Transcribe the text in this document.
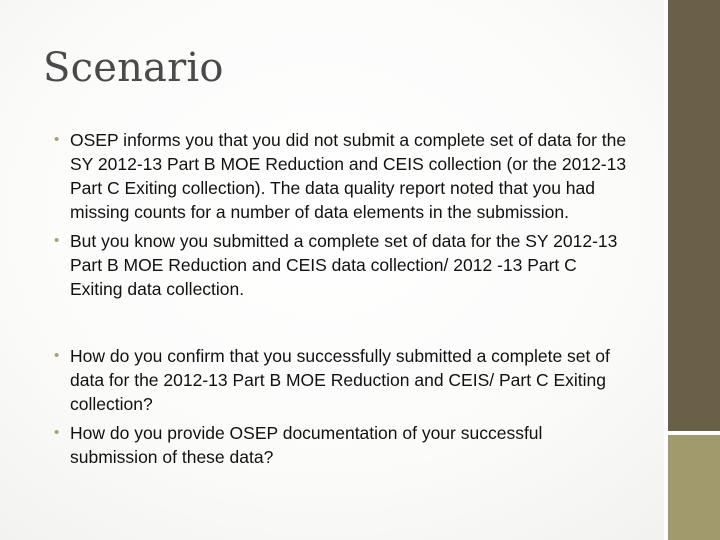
Scenario
• OSEP informs you that you did not submit a complete set of data for the SY 2012-13 Part B MOE Reduction and CEIS collection (or the 2012-13 Part C Exiting collection). The data quality report noted that you had missing counts for a number of data elements in the submission.
• But you know you submitted a complete set of data for the SY 2012-13 Part B MOE Reduction and CEIS data collection/ 2012 -13 Part C Exiting data collection.
• How do you confirm that you successfully submitted a complete set of data for the 2012-13 Part B MOE Reduction and CEIS/ Part C Exiting collection?
• How do you provide OSEP documentation of your successful submission of these data?
